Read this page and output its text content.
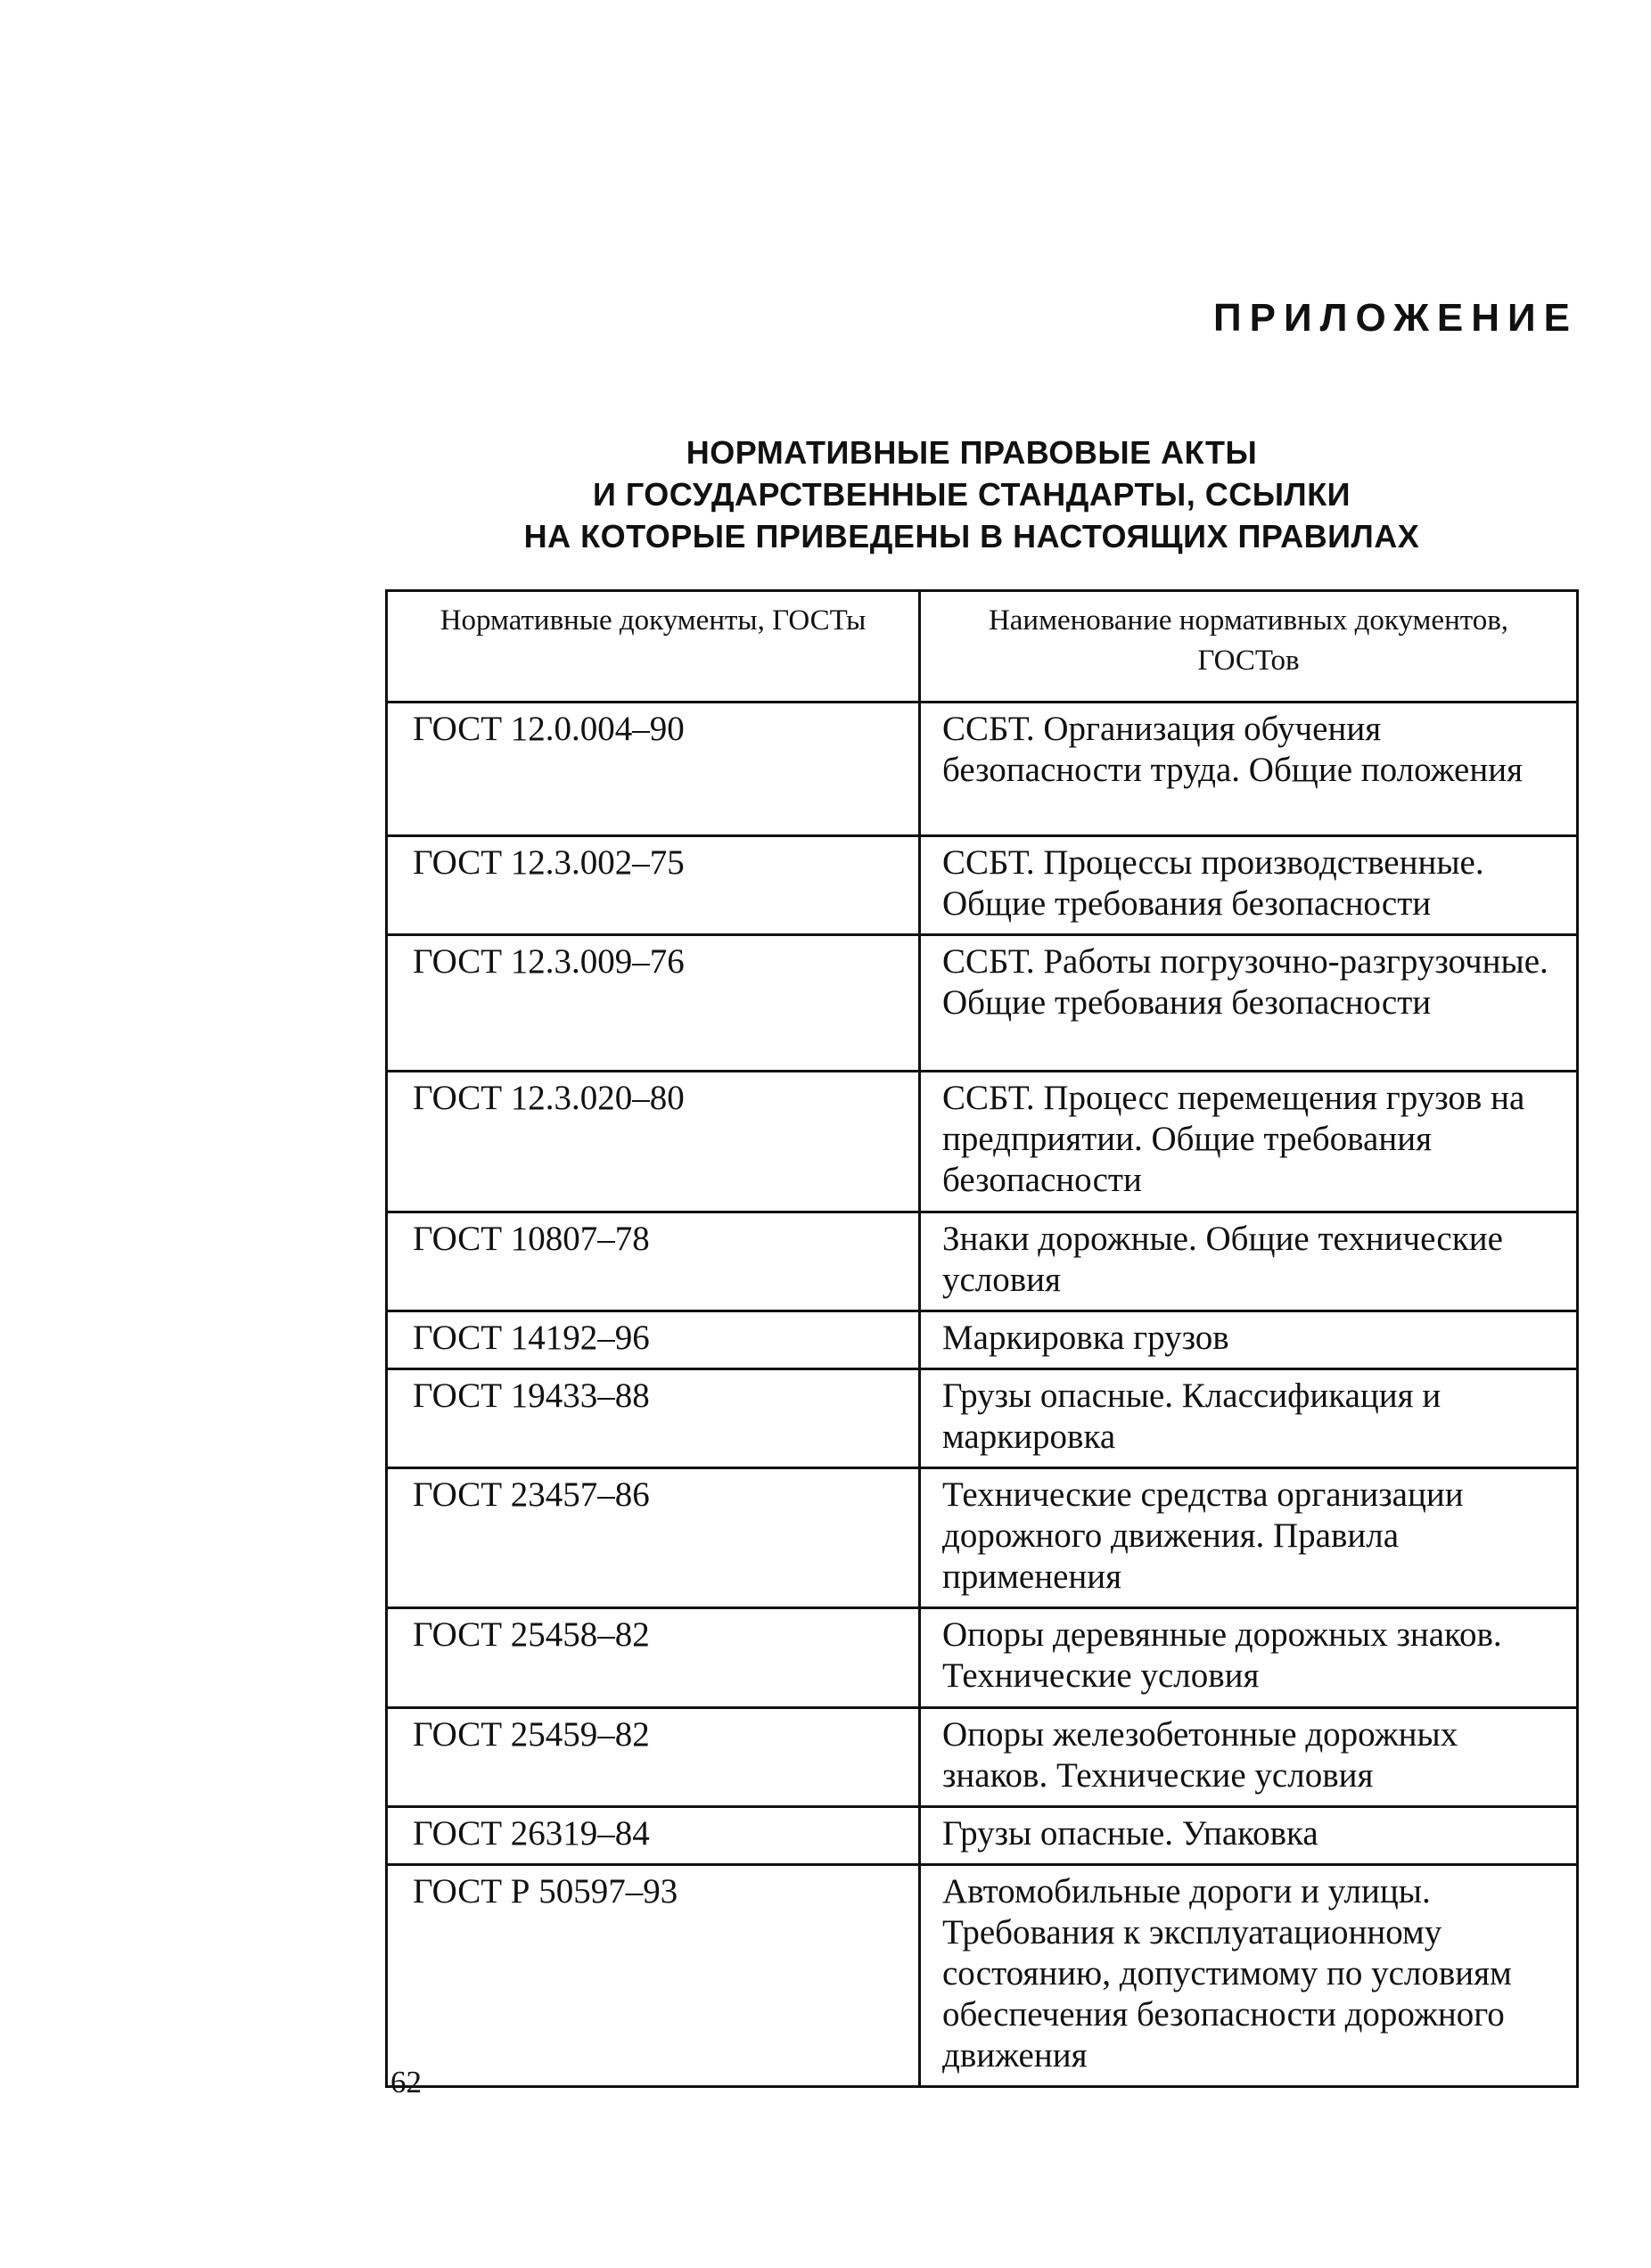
ПРИЛОЖЕНИЕ
НОРМАТИВНЫЕ ПРАВОВЫЕ АКТЫ
И ГОСУДАРСТВЕННЫЕ СТАНДАРТЫ, ССЫЛКИ
НА КОТОРЫЕ ПРИВЕДЕНЫ В НАСТОЯЩИХ ПРАВИЛАХ
Нормативные документы, ГОСТы	Наименование нормативных документов, ГОСТов
ГОСТ 12.0.004–90	ССБТ. Организация обучения безопасности труда. Общие положения
ГОСТ 12.3.002–75	ССБТ. Процессы производственные. Общие требования безопасности
ГОСТ 12.3.009–76	ССБТ. Работы погрузочно-разгрузочные. Общие требования безопасности
ГОСТ 12.3.020–80	ССБТ. Процесс перемещения грузов на предприятии. Общие требования безопасности
ГОСТ 10807–78	Знаки дорожные. Общие технические условия
ГОСТ 14192–96	Маркировка грузов
ГОСТ 19433–88	Грузы опасные. Классификация и маркировка
ГОСТ 23457–86	Технические средства организации дорожного движения. Правила применения
ГОСТ 25458–82	Опоры деревянные дорожных знаков. Технические условия
ГОСТ 25459–82	Опоры железобетонные дорожных знаков. Технические условия
ГОСТ 26319–84	Грузы опасные. Упаковка
ГОСТ Р 50597–93	Автомобильные дороги и улицы. Требования к эксплуатационному состоянию, допустимому по условиям обеспечения безопасности дорожного движения

62
